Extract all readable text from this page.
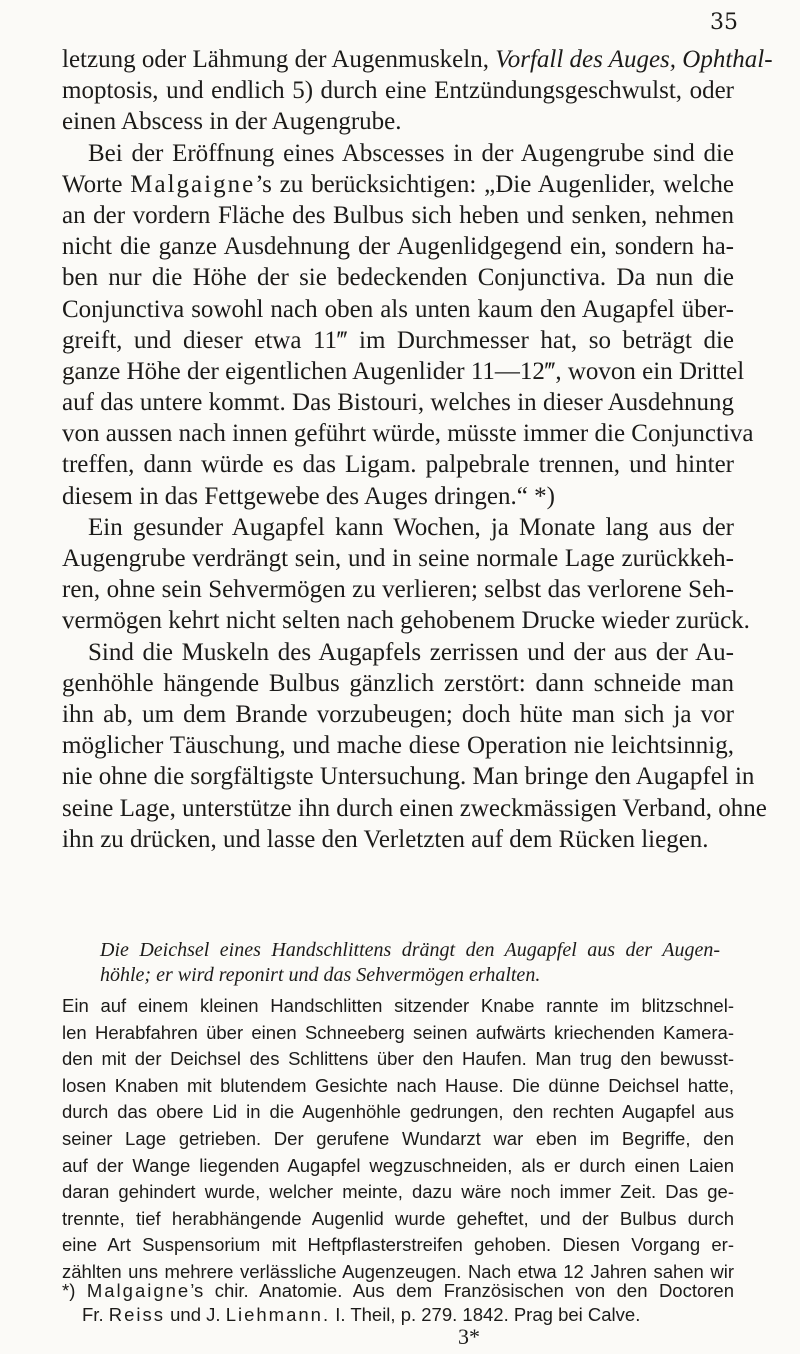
35
letzung oder Lähmung der Augenmuskeln, Vorfall des Auges, Ophthal-
moptosis, und endlich 5) durch eine Entzündungsgeschwulst, oder
einen Abscess in der Augengrube.
Bei der Eröffnung eines Abscesses in der Augengrube sind die
Worte Malgaigne’s zu berücksichtigen: „Die Augenlider, welche
an der vordern Fläche des Bulbus sich heben und senken, nehmen
nicht die ganze Ausdehnung der Augenlidgegend ein, sondern ha-
ben nur die Höhe der sie bedeckenden Conjunctiva. Da nun die
Conjunctiva sowohl nach oben als unten kaum den Augapfel über-
greift, und dieser etwa 11‴ im Durchmesser hat, so beträgt die
ganze Höhe der eigentlichen Augenlider 11—12‴, wovon ein Drittel
auf das untere kommt. Das Bistouri, welches in dieser Ausdehnung
von aussen nach innen geführt würde, müsste immer die Conjunctiva
treffen, dann würde es das Ligam. palpebrale trennen, und hinter
diesem in das Fettgewebe des Auges dringen.“ *)
Ein gesunder Augapfel kann Wochen, ja Monate lang aus der
Augengrube verdrängt sein, und in seine normale Lage zurückkeh-
ren, ohne sein Sehvermögen zu verlieren; selbst das verlorene Seh-
vermögen kehrt nicht selten nach gehobenem Drucke wieder zurück.
Sind die Muskeln des Augapfels zerrissen und der aus der Au-
genhöhle hängende Bulbus gänzlich zerstört: dann schneide man
ihn ab, um dem Brande vorzubeugen; doch hüte man sich ja vor
möglicher Täuschung, und mache diese Operation nie leichtsinnig,
nie ohne die sorgfältigste Untersuchung. Man bringe den Augapfel in
seine Lage, unterstütze ihn durch einen zweckmässigen Verband, ohne
ihn zu drücken, und lasse den Verletzten auf dem Rücken liegen.
Die Deichsel eines Handschlittens drängt den Augapfel aus der Augen-
höhle; er wird reponirt und das Sehvermögen erhalten.
Ein auf einem kleinen Handschlitten sitzender Knabe rannte im blitzschnel-
len Herabfahren über einen Schneeberg seinen aufwärts kriechenden Kamera-
den mit der Deichsel des Schlittens über den Haufen. Man trug den bewusst-
losen Knaben mit blutendem Gesichte nach Hause. Die dünne Deichsel hatte,
durch das obere Lid in die Augenhöhle gedrungen, den rechten Augapfel aus
seiner Lage getrieben. Der gerufene Wundarzt war eben im Begriffe, den
auf der Wange liegenden Augapfel wegzuschneiden, als er durch einen Laien
daran gehindert wurde, welcher meinte, dazu wäre noch immer Zeit. Das ge-
trennte, tief herabhängende Augenlid wurde geheftet, und der Bulbus durch
eine Art Suspensorium mit Heftpflasterstreifen gehoben. Diesen Vorgang er-
zählten uns mehrere verlässliche Augenzeugen. Nach etwa 12 Jahren sahen wir
*) Malgaigne’s chir. Anatomie. Aus dem Französischen von den Doctoren
Fr. Reiss und J. Liehmann. I. Theil, p. 279. 1842. Prag bei Calve.
3*
